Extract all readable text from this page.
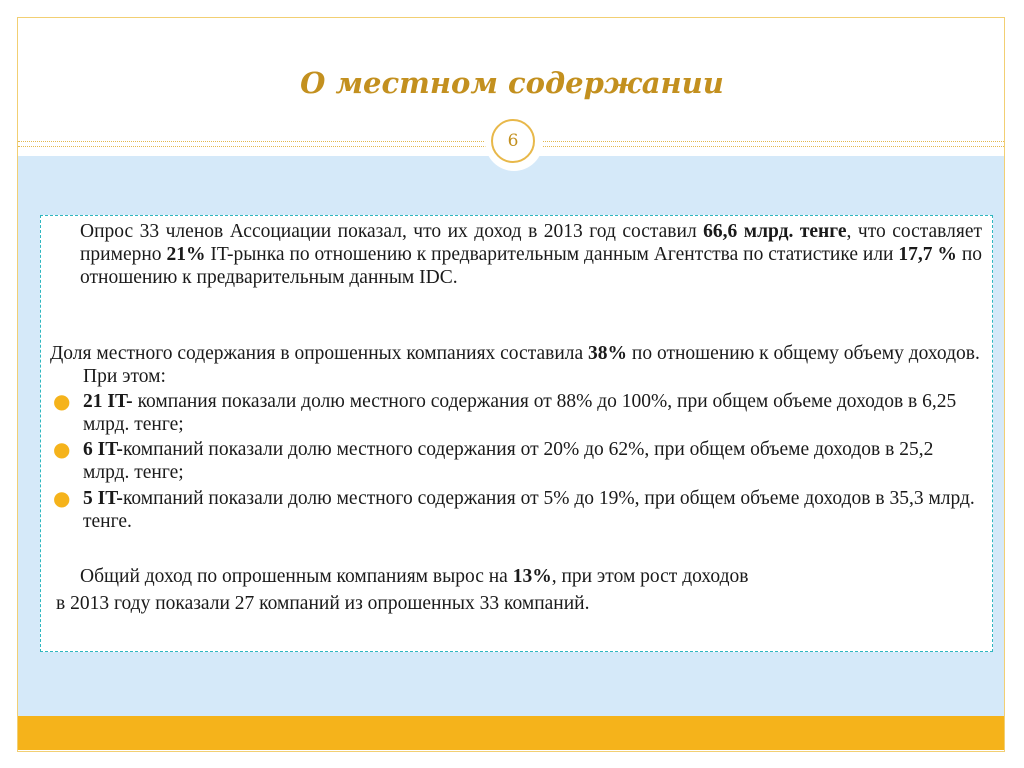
О местном содержании
6
Опрос 33 членов Ассоциации показал, что их доход в 2013 год составил 66,6 млрд. тенге, что составляет примерно 21% IT-рынка по отношению к предварительным данным Агентства по статистике или 17,7 % по отношению к предварительным данным IDC.
Доля местного содержания в опрошенных компаниях составила 38% по отношению к общему объему доходов. При этом:
● 21 IT- компания показали долю местного содержания от 88% до 100%, при общем объеме доходов в 6,25 млрд. тенге;
● 6 IT-компаний показали долю местного содержания от 20% до 62%, при общем объеме доходов в 25,2 млрд. тенге;
● 5 IT-компаний показали долю местного содержания от 5% до 19%, при общем объеме доходов в 35,3 млрд. тенге.
Общий доход по опрошенным компаниям вырос на 13%, при этом рост доходов
в 2013 году показали 27 компаний из опрошенных 33 компаний.
